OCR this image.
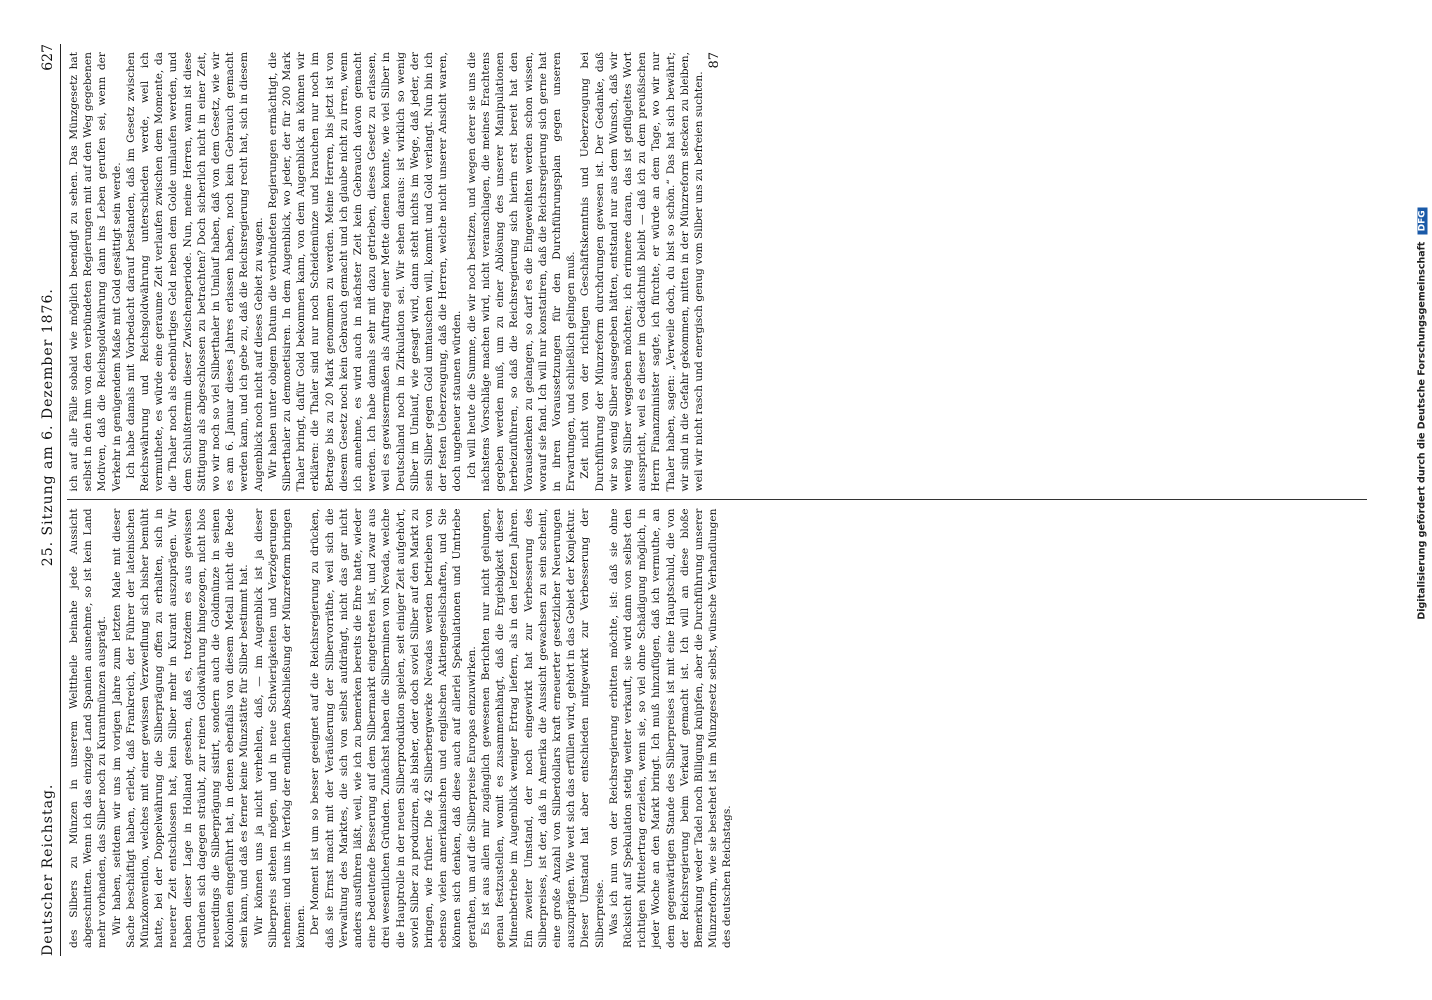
Deutscher Reichstag.
25. Sitzung am 6. Dezember 1876.
627

des Silbers zu Münzen in unserem Welttheile beinahe jede Aussicht abgeschnitten. Wenn ich das einzige Land Spanien ausnehme, so ist kein Land mehr vorhanden, das Silber noch zu Kurantmünzen ausprägt. Wir haben, seitdem wir uns im vorigen Jahre zum letzten Male mit dieser Sache beschäftigt haben, erlebt, daß Frankreich, der Führer der lateinischen Münzkonvention, welches mit einer gewissen Verzweiflung sich bisher bemüht hatte, bei der Doppelwährung die Silberprägung offen zu erhalten, sich in neuerer Zeit entschlossen hat, kein Silber mehr in Kurant auszuprägen. Wir haben dieser Lage in Holland gesehen, daß es, trotzdem es aus gewissen Gründen sich dagegen sträubt, zur reinen Goldwährung hingezogen, nicht blos neuerdings die Silberprägung sistirt, sondern auch die Goldmünze in seinen Kolonien eingeführt hat, in denen ebenfalls von diesem Metall nicht die Rede sein kann, und daß es ferner keine Münzstätte für Silber bestimmt hat. Wir können uns ja nicht verhehlen, daß, — im Augenblick ist ja dieser Silberpreis stehen mögen, und in neue Schwierigkeiten und Verzögerungen nehmen: und uns in Verfolg der endlichen Abschließung der Münzreform bringen können. Der Moment ist um so besser geeignet auf die Reichsregierung zu drücken, daß sie Ernst macht mit der Veräußerung der Silbervorräthe, weil sich die Verwaltung des Marktes, die sich von selbst aufdrängt, nicht das gar nicht anders ausführen läßt, weil, wie ich zu bemerken bereits die Ehre hatte, wieder eine bedeutende Besserung auf dem Silbermarkt eingetreten ist, und zwar aus drei wesentlichen Gründen. Zunächst haben die Silberminen von Nevada, welche die Hauptrolle in der neuen Silberproduktion spielen, seit einiger Zeit aufgehört, soviel Silber zu produziren, als bisher, oder doch soviel Silber auf den Markt zu bringen, wie früher. Die 42 Silberbergwerke Nevadas werden betrieben von ebenso vielen amerikanischen und englischen Aktiengesellschaften, und Sie können sich denken, daß diese auch auf allerlei Spekulationen und Umtriebe gerathen, um auf die Silberpreise Europas einzuwirken. Es ist aus allen mir zugänglich gewesenen Berichten nur nicht gelungen, genau festzustellen, womit es zusammenhängt, daß die Ergiebigkeit dieser Minenbetriebe im Augenblick weniger Ertrag liefern, als in den letzten Jahren. Ein zweiter Umstand, der noch eingewirkt hat zur Verbesserung des Silberpreises, ist der, daß in Amerika die Aussicht gewachsen zu sein scheint, eine große Anzahl von Silberdollars kraft erneuerter gesetzlicher Neuerungen auszuprägen. Wie weit sich das erfüllen wird, gehört in das Gebiet der Konjektur. Dieser Umstand hat aber entschieden mitgewirkt zur Verbesserung der Silberpreise. Was ich nun von der Reichsregierung erbitten möchte, ist: daß sie ohne Rücksicht auf Spekulation stetig weiter verkauft, sie wird dann von selbst den richtigen Mittelertrag erzielen, wenn sie, so viel ohne Schädigung möglich, in jeder Woche an den Markt bringt. Ich muß hinzufügen, daß ich vermuthe, an dem gegenwärtigen Stande des Silberpreises ist mit eine Hauptschuld, die von der Reichsregierung beim Verkauf gemacht ist. Ich will an diese bloße Bemerkung weder Tadel noch Billigung knüpfen, aber die Durchführung unserer Münzreform, wie sie bestehet ist im Münzgesetz selbst, wünsche Verhandlungen des deutschen Reichstags.

ich auf alle Fälle sobald wie möglich beendigt zu sehen. Das Münzgesetz hat selbst in den ihm von den verbündeten Regierungen mit auf den Weg gegebenen Motiven, daß die Reichsgoldwährung dann ins Leben gerufen sei, wenn der Verkehr in genügendem Maße mit Gold gesättigt sein werde. Ich habe damals mit Vorbedacht darauf bestanden, daß im Gesetz zwischen Reichswährung und Reichsgoldwährung unterschieden werde, weil ich vermuthete, es würde eine geraume Zeit verlaufen zwischen dem Momente, da die Thaler noch als ebenbürtiges Geld neben dem Golde umlaufen werden, und dem Schlußtermin dieser Zwischenperiode. Nun, meine Herren, wann ist diese Sättigung als abgeschlossen zu betrachten? Doch sicherlich nicht in einer Zeit, wo wir noch so viel Silberthaler in Umlauf haben, daß von dem Gesetz, wie wir es am 6. Januar dieses Jahres erlassen haben, noch kein Gebrauch gemacht werden kann, und ich gebe zu, daß die Reichsregierung recht hat, sich in diesem Augenblick noch nicht auf dieses Gebiet zu wagen. Wir haben unter obigem Datum die verbündeten Regierungen ermächtigt, die Silberthaler zu demonetisiren. In dem Augenblick, wo jeder, der für 200 Mark Thaler bringt, dafür Gold bekommen kann, von dem Augenblick an können wir erklären: die Thaler sind nur noch Scheidemünze und brauchen nur noch im Betrage bis zu 20 Mark genommen zu werden. Meine Herren, bis jetzt ist von diesem Gesetz noch kein Gebrauch gemacht und ich glaube nicht zu irren, wenn ich annehme, es wird auch in nächster Zeit kein Gebrauch davon gemacht werden. Ich habe damals sehr mit dazu getrieben, dieses Gesetz zu erlassen, weil es gewissermaßen als Auftrag einer Mette dienen konnte, wie viel Silber in Deutschland noch in Zirkulation sei. Wir sehen daraus: ist wirklich so wenig Silber im Umlauf, wie gesagt wird, dann steht nichts im Wege, daß jeder, der sein Silber gegen Gold umtauschen will, kommt und Gold verlangt. Nun bin ich der festen Ueberzeugung, daß die Herren, welche nicht unserer Ansicht waren, doch ungeheuer staunen würden. Ich will heute die Summe, die wir noch besitzen, und wegen derer sie uns die nächstens Vorschläge machen wird, nicht veranschlagen, die meines Erachtens gegeben werden muß, um zu einer Ablösung des unserer Manipulationen herbeizuführen, so daß die Reichsregierung sich hierin erst bereit hat den Vorausdenken zu gelangen, so darf es die Eingeweihten werden schon wissen, worauf sie fand. Ich will nur konstatiren, daß die Reichsregierung sich gerne hat in ihren Voraussetzungen für den Durchführungsplan gegen unseren Erwartungen, und schließlich gelingen muß. Zeit nicht von der richtigen Geschäftskenntnis und Ueberzeugung bei Durchführung der Münzreform durchdrungen gewesen ist. Der Gedanke, daß wir so wenig Silber ausgegeben hätten, entstand nur aus dem Wunsch, daß wir wenig Silber weggeben möchten; ich erinnere daran, das ist geflügeltes Wort ausspricht, weil es dieser im Gedächtniß bleibt — daß ich zu dem preußischen Herrn Finanzminister sagte, ich fürchte, er würde an dem Tage, wo wir nur Thaler haben, sagen: „Verweile doch, du bist so schön.“ Das hat sich bewährt; wir sind in die Gefahr gekommen, mitten in der Münzreform stecken zu bleiben, weil wir nicht rasch und energisch genug vom Silber uns zu befreien suchten.

87
Digitalisierung gefördert durch die Deutsche Forschungsgemeinschaft DFG
